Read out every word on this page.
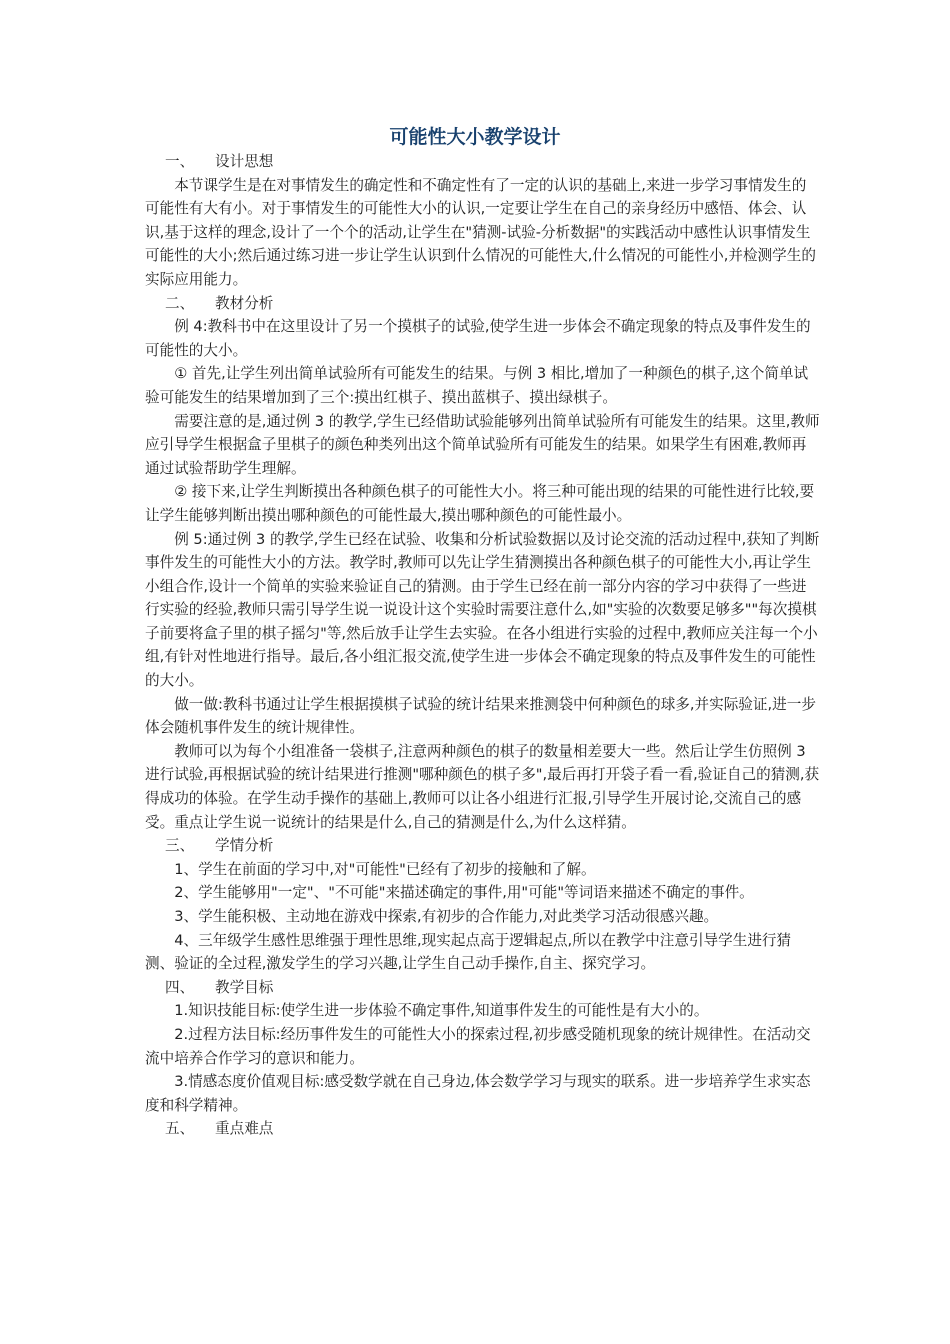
可能性大小教学设计

一、 设计思想

本节课学生是在对事情发生的确定性和不确定性有了一定的认识的基础上,来进一步学习事情发生的可能性有大有小。对于事情发生的可能性大小的认识,一定要让学生在自己的亲身经历中感悟、体会、认识,基于这样的理念,设计了一个个的活动,让学生在"猜测-试验-分析数据"的实践活动中感性认识事情发生可能性的大小;然后通过练习进一步让学生认识到什么情况的可能性大,什么情况的可能性小,并检测学生的实际应用能力。

二、 教材分析

例 4:教科书中在这里设计了另一个摸棋子的试验,使学生进一步体会不确定现象的特点及事件发生的可能性的大小。

① 首先,让学生列出简单试验所有可能发生的结果。与例 3 相比,增加了一种颜色的棋子,这个简单试验可能发生的结果增加到了三个:摸出红棋子、摸出蓝棋子、摸出绿棋子。

需要注意的是,通过例 3 的教学,学生已经借助试验能够列出简单试验所有可能发生的结果。这里,教师应引导学生根据盒子里棋子的颜色种类列出这个简单试验所有可能发生的结果。如果学生有困难,教师再通过试验帮助学生理解。

② 接下来,让学生判断摸出各种颜色棋子的可能性大小。将三种可能出现的结果的可能性进行比较,要让学生能够判断出摸出哪种颜色的可能性最大,摸出哪种颜色的可能性最小。

例 5:通过例 3 的教学,学生已经在试验、收集和分析试验数据以及讨论交流的活动过程中,获知了判断事件发生的可能性大小的方法。教学时,教师可以先让学生猜测摸出各种颜色棋子的可能性大小,再让学生小组合作,设计一个简单的实验来验证自己的猜测。由于学生已经在前一部分内容的学习中获得了一些进行实验的经验,教师只需引导学生说一说设计这个实验时需要注意什么,如"实验的次数要足够多""每次摸棋子前要将盒子里的棋子摇匀"等,然后放手让学生去实验。在各小组进行实验的过程中,教师应关注每一个小组,有针对性地进行指导。最后,各小组汇报交流,使学生进一步体会不确定现象的特点及事件发生的可能性的大小。

做一做:教科书通过让学生根据摸棋子试验的统计结果来推测袋中何种颜色的球多,并实际验证,进一步体会随机事件发生的统计规律性。

教师可以为每个小组准备一袋棋子,注意两种颜色的棋子的数量相差要大一些。然后让学生仿照例 3 进行试验,再根据试验的统计结果进行推测"哪种颜色的棋子多",最后再打开袋子看一看,验证自己的猜测,获得成功的体验。在学生动手操作的基础上,教师可以让各小组进行汇报,引导学生开展讨论,交流自己的感受。重点让学生说一说统计的结果是什么,自己的猜测是什么,为什么这样猜。

三、 学情分析

1、学生在前面的学习中,对"可能性"已经有了初步的接触和了解。

2、学生能够用"一定"、"不可能"来描述确定的事件,用"可能"等词语来描述不确定的事件。

3、学生能积极、主动地在游戏中探索,有初步的合作能力,对此类学习活动很感兴趣。

4、三年级学生感性思维强于理性思维,现实起点高于逻辑起点,所以在教学中注意引导学生进行猜测、验证的全过程,激发学生的学习兴趣,让学生自己动手操作,自主、探究学习。

四、 教学目标

1.知识技能目标:使学生进一步体验不确定事件,知道事件发生的可能性是有大小的。

2.过程方法目标:经历事件发生的可能性大小的探索过程,初步感受随机现象的统计规律性。在活动交流中培养合作学习的意识和能力。

3.情感态度价值观目标:感受数学就在自己身边,体会数学学习与现实的联系。进一步培养学生求实态度和科学精神。

五、 重点难点
